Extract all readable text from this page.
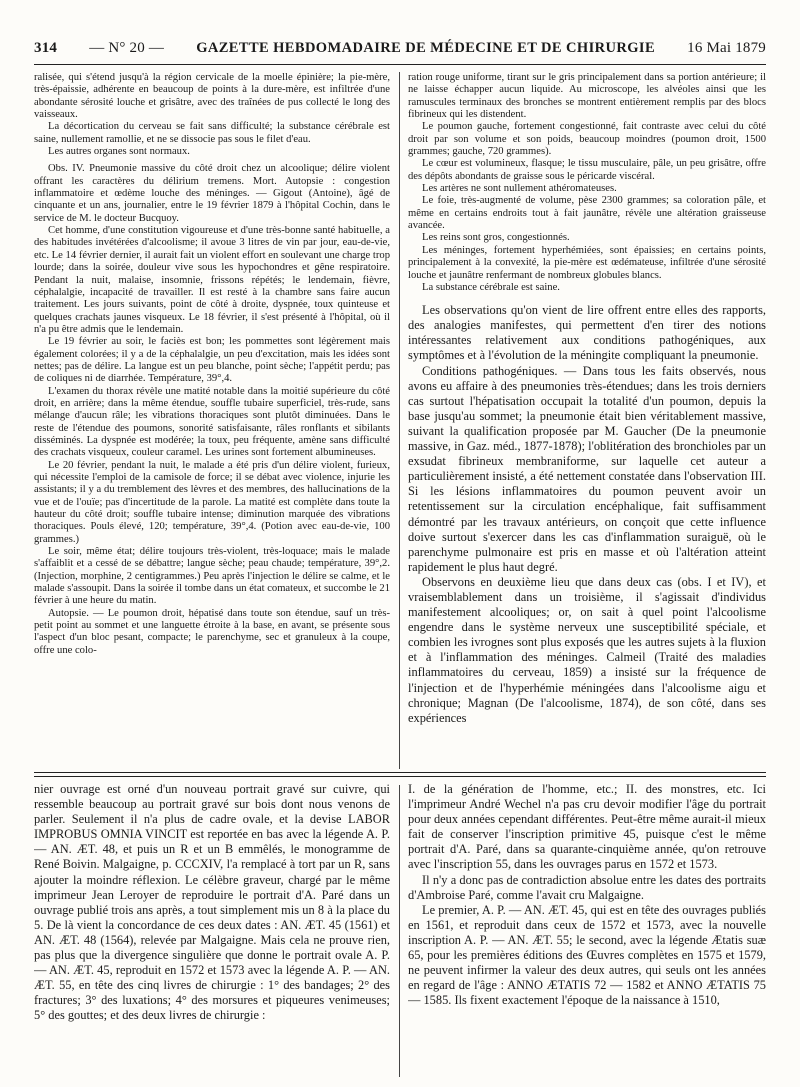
314 — N° 20 — GAZETTE HEBDOMADAIRE DE MÉDECINE ET DE CHIRURGIE 16 Mai 1879

ralisée, qui s'étend jusqu'à la région cervicale de la moelle épinière; la pie-mère, très-épaissie, adhérente en beaucoup de points à la dure-mère, est infiltrée d'une abondante sérosité louche et grisâtre, avec des traînées de pus collecté le long des vaisseaux.

La décortication du cerveau se fait sans difficulté; la substance cérébrale est saine, nullement ramollie, et ne se dissocie pas sous le filet d'eau.

Les autres organes sont normaux.

Obs. IV. Pneumonie massive du côté droit chez un alcoolique; délire violent offrant les caractères du délirium tremens. Mort. Autopsie : congestion inflammatoire et œdème louche des méninges. — Gigout (Antoine), âgé de cinquante et un ans, journalier, entre le 19 février 1879 à l'hôpital Cochin, dans le service de M. le docteur Bucquoy.

Cet homme, d'une constitution vigoureuse et d'une très-bonne santé habituelle, a des habitudes invétérées d'alcoolisme; il avoue 3 litres de vin par jour, eau-de-vie, etc. Le 14 février dernier, il aurait fait un violent effort en soulevant une charge trop lourde; dans la soirée, douleur vive sous les hypochondres et gêne respiratoire. Pendant la nuit, malaise, insomnie, frissons répétés; le lendemain, fièvre, céphalalgie, incapacité de travailler. Il est resté à la chambre sans faire aucun traitement. Les jours suivants, point de côté à droite, dyspnée, toux quinteuse et quelques crachats jaunes visqueux. Le 18 février, il s'est présenté à l'hôpital, où il n'a pu être admis que le lendemain.

Le 19 février au soir, le faciès est bon; les pommettes sont légèrement mais également colorées; il y a de la céphalalgie, un peu d'excitation, mais les idées sont nettes; pas de délire. La langue est un peu blanche, point sèche; l'appétit perdu; pas de coliques ni de diarrhée. Température, 39°,4.

L'examen du thorax révèle une matité notable dans la moitié supérieure du côté droit, en arrière; dans la même étendue, souffle tubaire superficiel, très-rude, sans mélange d'aucun râle; les vibrations thoraciques sont plutôt diminuées. Dans le reste de l'étendue des poumons, sonorité satisfaisante, râles ronflants et sibilants disséminés. La dyspnée est modérée; la toux, peu fréquente, amène sans difficulté des crachats visqueux, couleur caramel. Les urines sont fortement albumineuses.

Le 20 février, pendant la nuit, le malade a été pris d'un délire violent, furieux, qui nécessite l'emploi de la camisole de force; il se débat avec violence, injurie les assistants; il y a du tremblement des lèvres et des membres, des hallucinations de la vue et de l'ouïe; pas d'incertitude de la parole. La matité est complète dans toute la hauteur du côté droit; souffle tubaire intense; diminution marquée des vibrations thoraciques. Pouls élevé, 120; température, 39°,4. (Potion avec eau-de-vie, 100 grammes.)

Le soir, même état; délire toujours très-violent, très-loquace; mais le malade s'affaiblit et a cessé de se débattre; langue sèche; peau chaude; température, 39°,2. (Injection, morphine, 2 centigrammes.) Peu après l'injection le délire se calme, et le malade s'assoupit. Dans la soirée il tombe dans un état comateux, et succombe le 21 février à une heure du matin.

Autopsie. — Le poumon droit, hépatisé dans toute son étendue, sauf un très-petit point au sommet et une languette étroite à la base, en avant, se présente sous l'aspect d'un bloc pesant, compacte; le parenchyme, sec et granuleux à la coupe, offre une colo-

ration rouge uniforme, tirant sur le gris principalement dans sa portion antérieure; il ne laisse échapper aucun liquide. Au microscope, les alvéoles ainsi que les ramuscules terminaux des bronches se montrent entièrement remplis par des blocs fibrineux qui les distendent.

Le poumon gauche, fortement congestionné, fait contraste avec celui du côté droit par son volume et son poids, beaucoup moindres (poumon droit, 1500 grammes; gauche, 720 grammes).

Le cœur est volumineux, flasque; le tissu musculaire, pâle, un peu grisâtre, offre des dépôts abondants de graisse sous le péricarde viscéral.

Les artères ne sont nullement athéromateuses.

Le foie, très-augmenté de volume, pèse 2300 grammes; sa coloration pâle, et même en certains endroits tout à fait jaunâtre, révèle une altération graisseuse avancée.

Les reins sont gros, congestionnés.

Les méninges, fortement hyperhémiées, sont épaissies; en certains points, principalement à la convexité, la pie-mère est œdémateuse, infiltrée d'une sérosité louche et jaunâtre renfermant de nombreux globules blancs.

La substance cérébrale est saine.

Les observations qu'on vient de lire offrent entre elles des rapports, des analogies manifestes, qui permettent d'en tirer des notions intéressantes relativement aux conditions pathogéniques, aux symptômes et à l'évolution de la méningite compliquant la pneumonie.

Conditions pathogéniques. — Dans tous les faits observés, nous avons eu affaire à des pneumonies très-étendues; dans les trois derniers cas surtout l'hépatisation occupait la totalité d'un poumon, depuis la base jusqu'au sommet; la pneumonie était bien véritablement massive, suivant la qualification proposée par M. Gaucher (De la pneumonie massive, in Gaz. méd., 1877-1878); l'oblitération des bronchioles par un exsudat fibrineux membraniforme, sur laquelle cet auteur a particulièrement insisté, a été nettement constatée dans l'observation III. Si les lésions inflammatoires du poumon peuvent avoir un retentissement sur la circulation encéphalique, fait suffisamment démontré par les travaux antérieurs, on conçoit que cette influence doive surtout s'exercer dans les cas d'inflammation suraiguë, où le parenchyme pulmonaire est pris en masse et où l'altération atteint rapidement le plus haut degré.

Observons en deuxième lieu que dans deux cas (obs. I et IV), et vraisemblablement dans un troisième, il s'agissait d'individus manifestement alcooliques; or, on sait à quel point l'alcoolisme engendre dans le système nerveux une susceptibilité spéciale, et combien les ivrognes sont plus exposés que les autres sujets à la fluxion et à l'inflammation des méninges. Calmeil (Traité des maladies inflammatoires du cerveau, 1859) a insisté sur la fréquence de l'injection et de l'hyperhémie méningées dans l'alcoolisme aigu et chronique; Magnan (De l'alcoolisme, 1874), de son côté, dans ses expériences

nier ouvrage est orné d'un nouveau portrait gravé sur cuivre, qui ressemble beaucoup au portrait gravé sur bois dont nous venons de parler. Seulement il n'a plus de cadre ovale, et la devise LABOR IMPROBUS OMNIA VINCIT est reportée en bas avec la légende A. P. — AN. ÆT. 48, et puis un R et un B emmêlés, le monogramme de René Boivin. Malgaigne, p. CCCXIV, l'a remplacé à tort par un R, sans ajouter la moindre réflexion. Le célèbre graveur, chargé par le même imprimeur Jean Leroyer de reproduire le portrait d'A. Paré dans un ouvrage publié trois ans après, a tout simplement mis un 8 à la place du 5. De là vient la concordance de ces deux dates : AN. ÆT. 45 (1561) et AN. ÆT. 48 (1564), relevée par Malgaigne. Mais cela ne prouve rien, pas plus que la divergence singulière que donne le portrait ovale A. P. — AN. ÆT. 45, reproduit en 1572 et 1573 avec la légende A. P. — AN. ÆT. 55, en tête des cinq livres de chirurgie : 1° des bandages; 2° des fractures; 3° des luxations; 4° des morsures et piqueures venimeuses; 5° des gouttes; et des deux livres de chirurgie :

I. de la génération de l'homme, etc.; II. des monstres, etc. Ici l'imprimeur André Wechel n'a pas cru devoir modifier l'âge du portrait pour deux années cependant différentes. Peut-être même aurait-il mieux fait de conserver l'inscription primitive 45, puisque c'est le même portrait d'A. Paré, dans sa quarante-cinquième année, qu'on retrouve avec l'inscription 55, dans les ouvrages parus en 1572 et 1573.

Il n'y a donc pas de contradiction absolue entre les dates des portraits d'Ambroise Paré, comme l'avait cru Malgaigne.

Le premier, A. P. — AN. ÆT. 45, qui est en tête des ouvrages publiés en 1561, et reproduit dans ceux de 1572 et 1573, avec la nouvelle inscription A. P. — AN. ÆT. 55; le second, avec la légende Ætatis suæ 65, pour les premières éditions des Œuvres complètes en 1575 et 1579, ne peuvent infirmer la valeur des deux autres, qui seuls ont les années en regard de l'âge : ANNO ÆTATIS 72 — 1582 et ANNO ÆTATIS 75 — 1585. Ils fixent exactement l'époque de la naissance à 1510,
